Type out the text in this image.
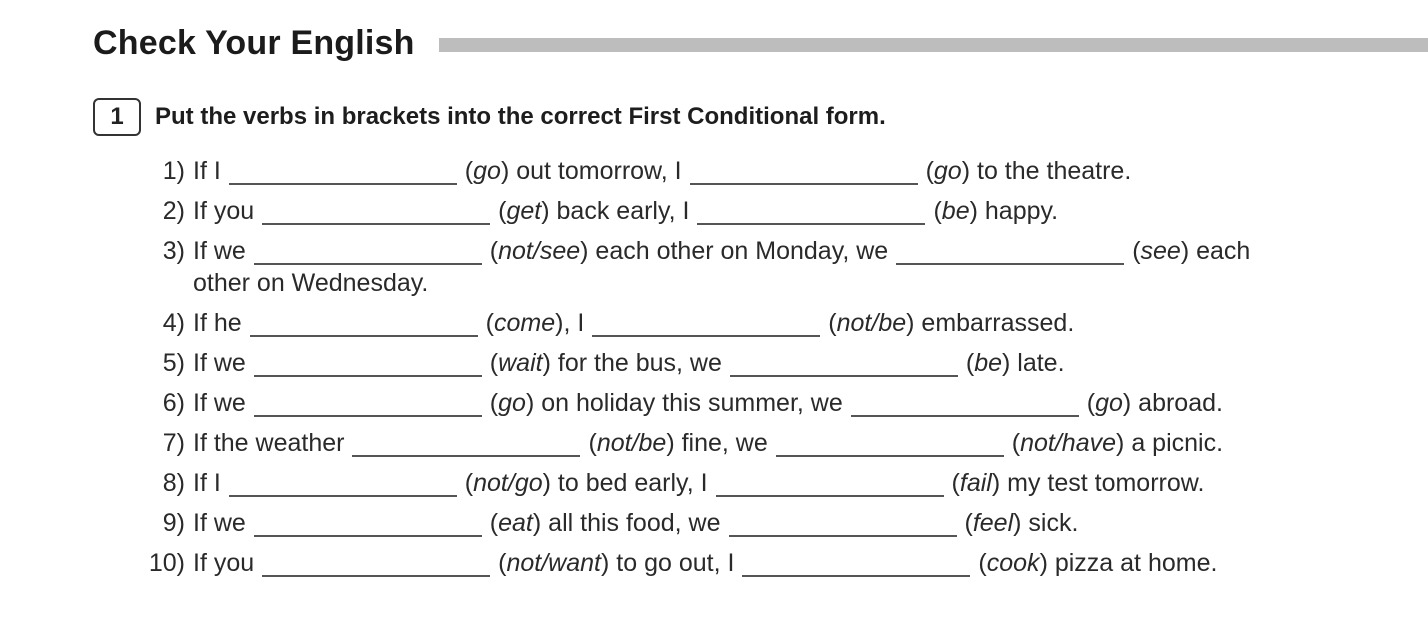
Check Your English
1	Put the verbs in brackets into the correct First Conditional form.
1) If I	(go) out tomorrow, I	(go) to the theatre.
2) If you	(get) back early, I	(be) happy.
3) If we	(not/see) each other on Monday, we	(see) each
other on Wednesday.
4) If he	(come), I	(not/be) embarrassed.
5) If we	(wait) for the bus, we	(be) late.
6) If we	(go) on holiday this summer, we	(go) abroad.
7) If the weather	(not/be) fine, we	(not/have) a picnic.
8) If I	(not/go) to bed early, I	(fail) my test tomorrow.
9) If we	(eat) all this food, we	(feel) sick.
10) If you	(not/want) to go out, I	(cook) pizza at home.
